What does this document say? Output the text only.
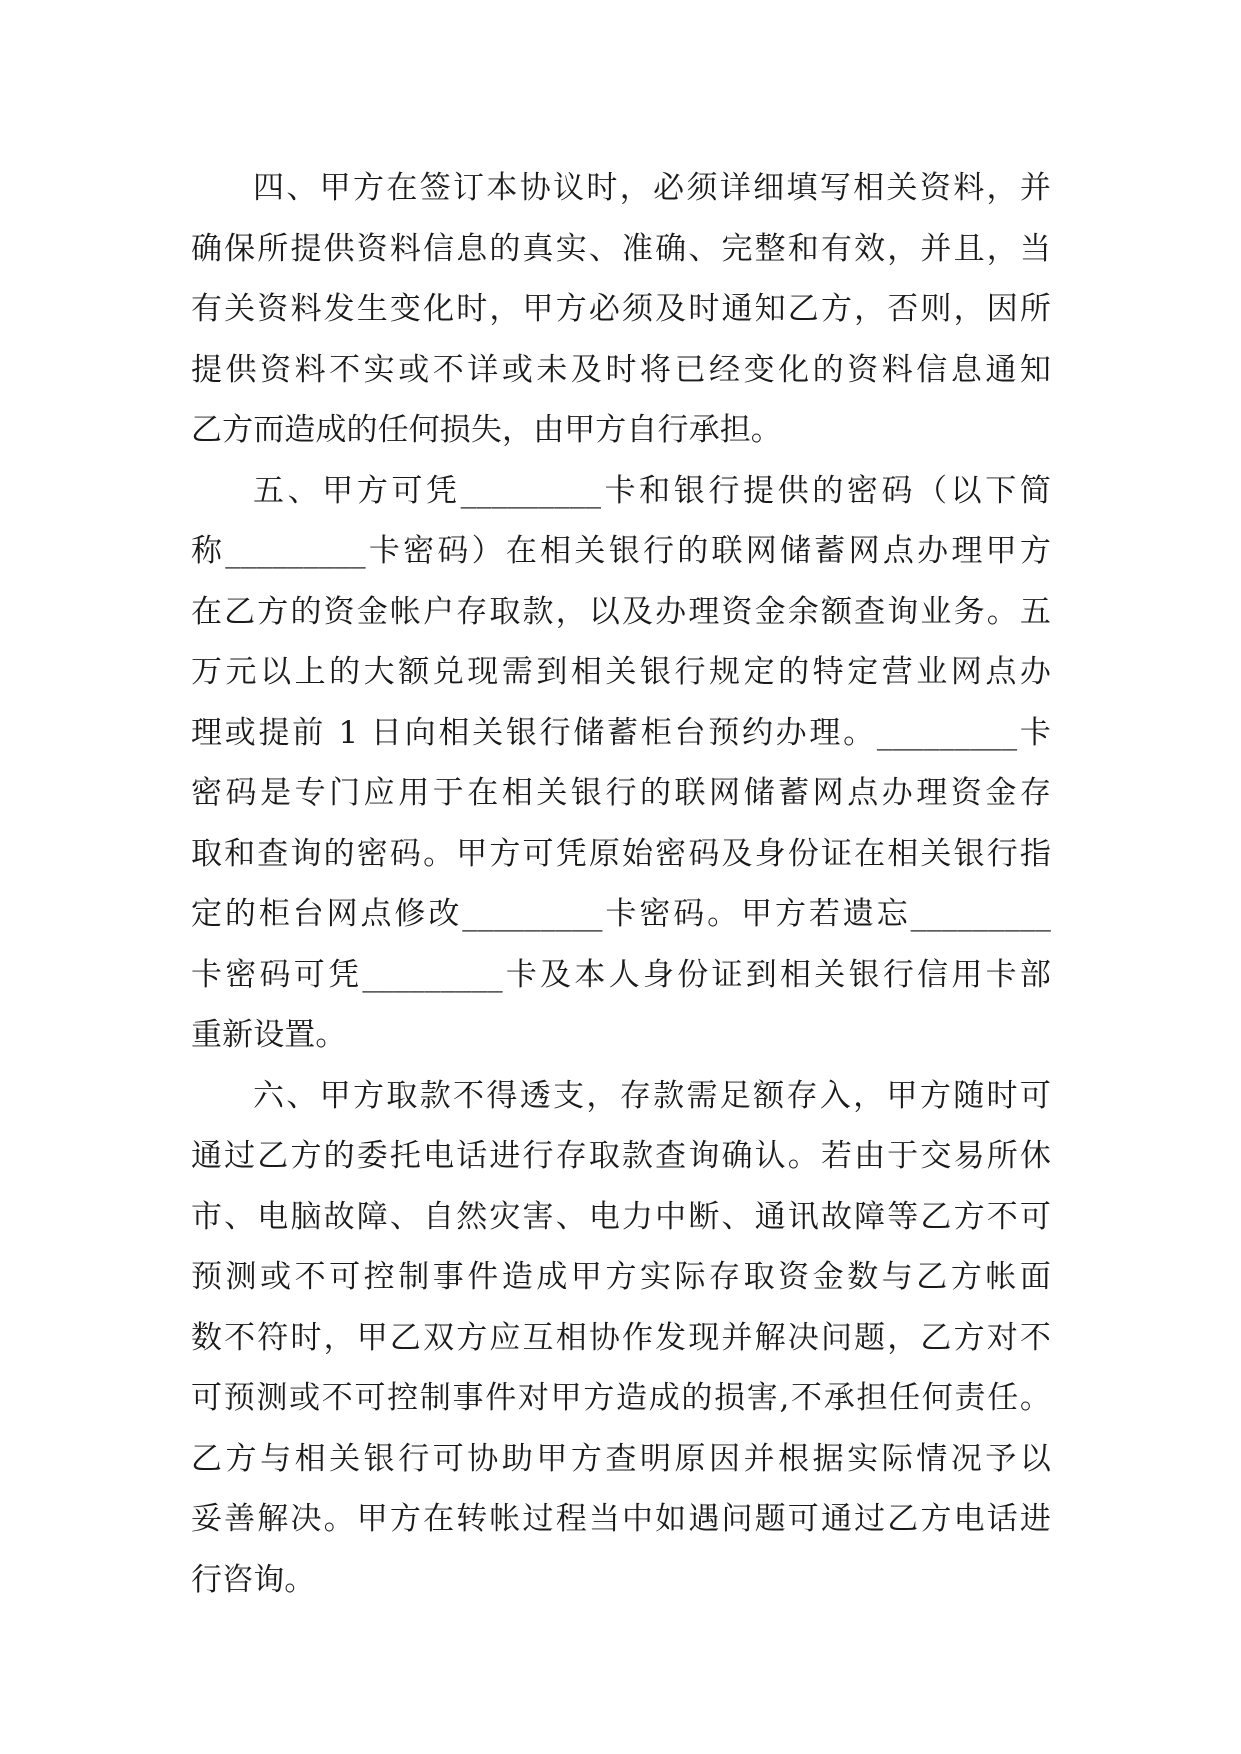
四、甲方在签订本协议时，必须详细填写相关资料，并
确保所提供资料信息的真实、准确、完整和有效，并且，当
有关资料发生变化时，甲方必须及时通知乙方，否则，因所
提供资料不实或不详或未及时将已经变化的资料信息通知
乙方而造成的任何损失，由甲方自行承担。
五、甲方可凭_________卡和银行提供的密码（以下简
称_________卡密码）在相关银行的联网储蓄网点办理甲方
在乙方的资金帐户存取款，以及办理资金余额查询业务。五
万元以上的大额兑现需到相关银行规定的特定营业网点办
理或提前 1 日向相关银行储蓄柜台预约办理。_________卡
密码是专门应用于在相关银行的联网储蓄网点办理资金存
取和查询的密码。甲方可凭原始密码及身份证在相关银行指
定的柜台网点修改_________卡密码。甲方若遗忘_________
卡密码可凭_________卡及本人身份证到相关银行信用卡部
重新设置。
六、甲方取款不得透支，存款需足额存入，甲方随时可
通过乙方的委托电话进行存取款查询确认。若由于交易所休
市、电脑故障、自然灾害、电力中断、通讯故障等乙方不可
预测或不可控制事件造成甲方实际存取资金数与乙方帐面
数不符时，甲乙双方应互相协作发现并解决问题，乙方对不
可预测或不可控制事件对甲方造成的损害,不承担任何责任。
乙方与相关银行可协助甲方查明原因并根据实际情况予以
妥善解决。甲方在转帐过程当中如遇问题可通过乙方电话进
行咨询。
